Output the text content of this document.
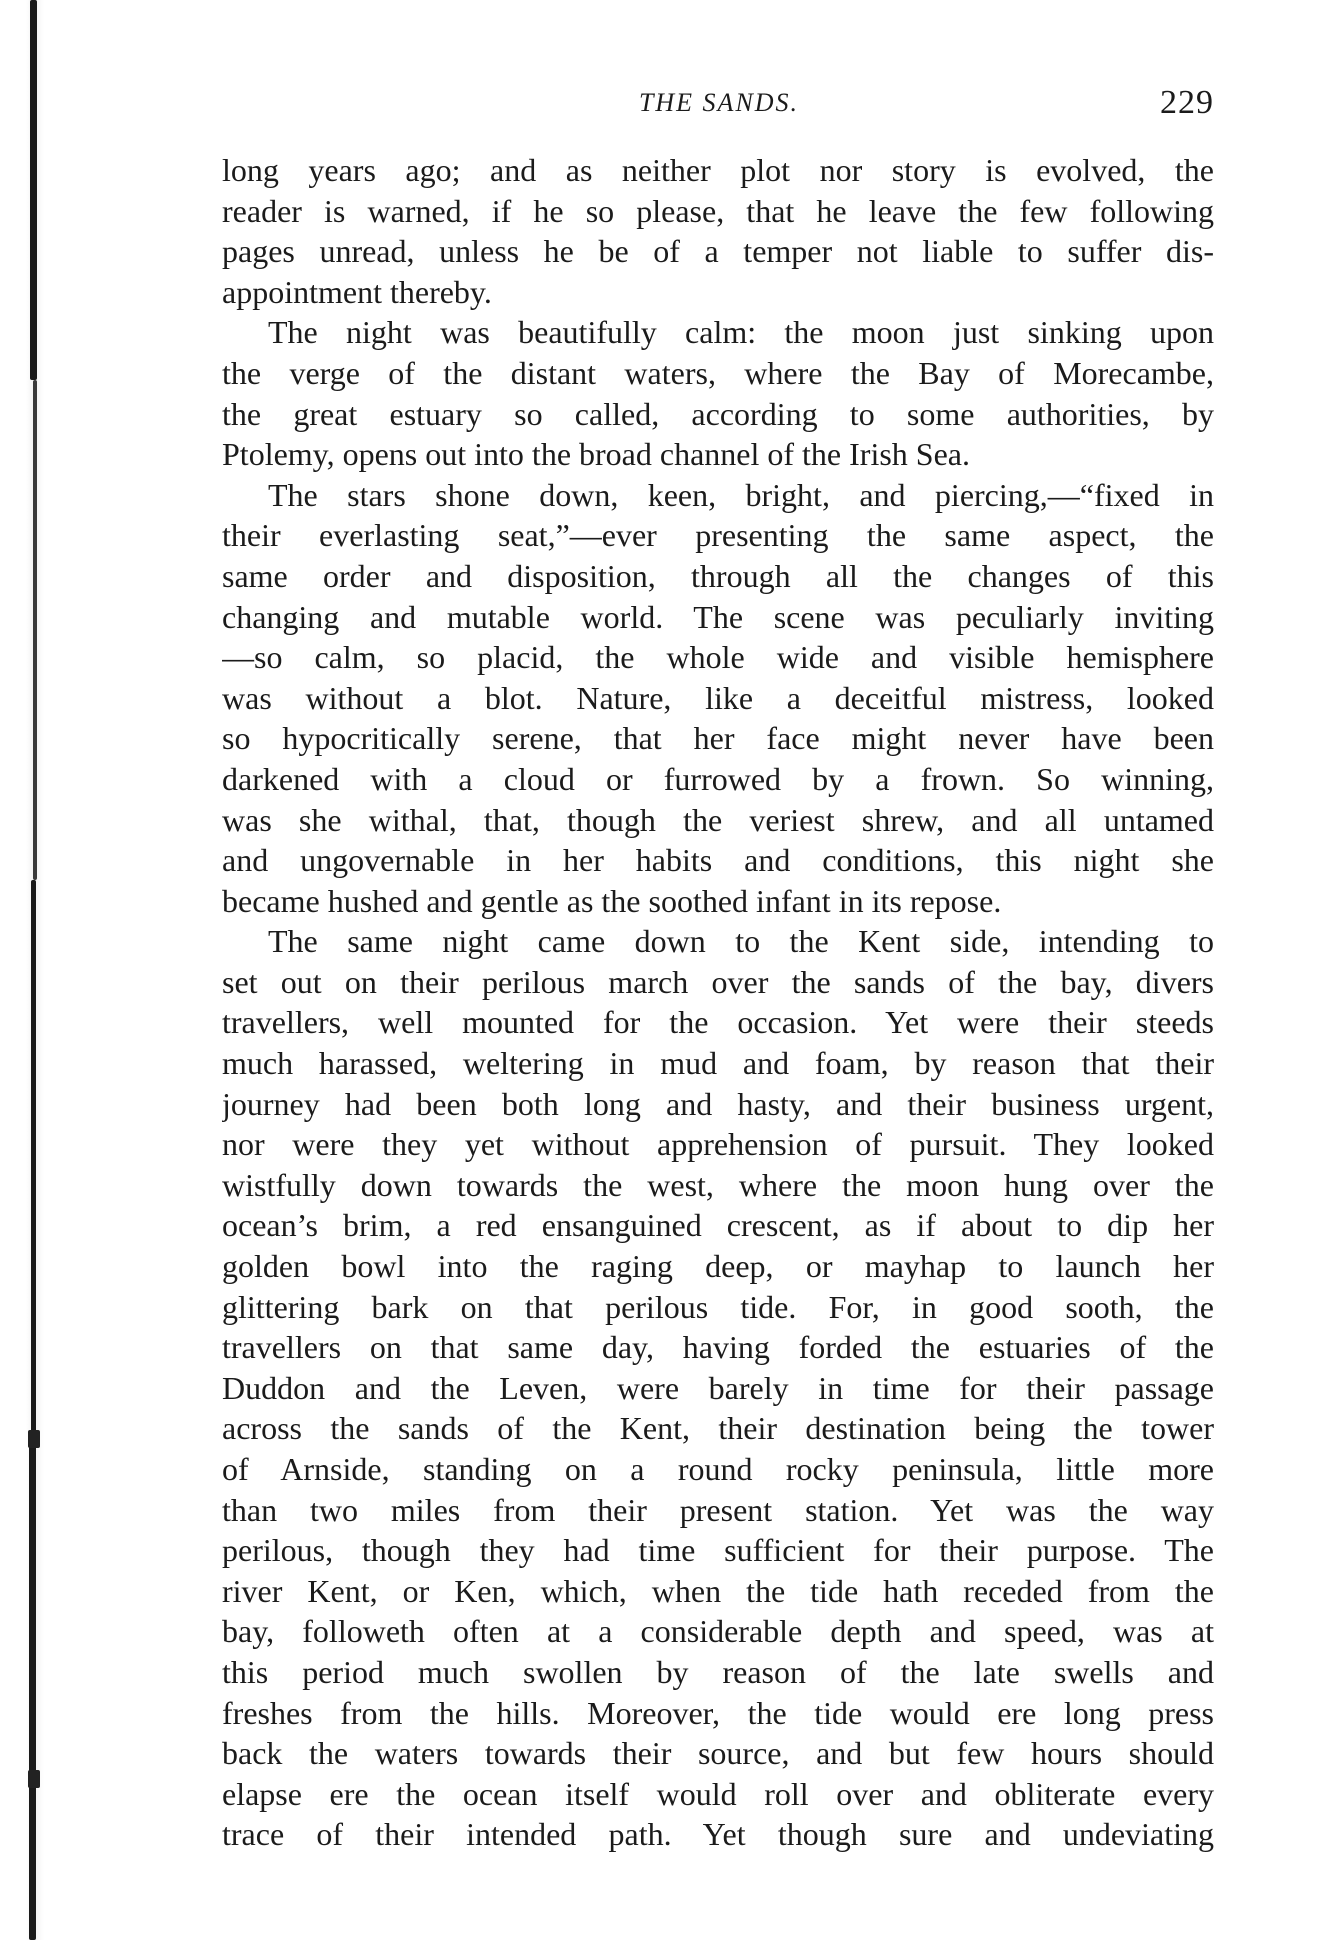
THE SANDS.	229
long years ago; and as neither plot nor story is evolved, the
reader is warned, if he so please, that he leave the few following
pages unread, unless he be of a temper not liable to suffer dis-
appointment thereby.
The night was beautifully calm: the moon just sinking upon
the verge of the distant waters, where the Bay of Morecambe,
the great estuary so called, according to some authorities, by
Ptolemy, opens out into the broad channel of the Irish Sea.
The stars shone down, keen, bright, and piercing,—“fixed in
their everlasting seat,”—ever presenting the same aspect, the
same order and disposition, through all the changes of this
changing and mutable world. The scene was peculiarly inviting
—so calm, so placid, the whole wide and visible hemisphere
was without a blot. Nature, like a deceitful mistress, looked
so hypocritically serene, that her face might never have been
darkened with a cloud or furrowed by a frown. So winning,
was she withal, that, though the veriest shrew, and all untamed
and ungovernable in her habits and conditions, this night she
became hushed and gentle as the soothed infant in its repose.
The same night came down to the Kent side, intending to
set out on their perilous march over the sands of the bay, divers
travellers, well mounted for the occasion. Yet were their steeds
much harassed, weltering in mud and foam, by reason that their
journey had been both long and hasty, and their business urgent,
nor were they yet without apprehension of pursuit. They looked
wistfully down towards the west, where the moon hung over the
ocean’s brim, a red ensanguined crescent, as if about to dip her
golden bowl into the raging deep, or mayhap to launch her
glittering bark on that perilous tide. For, in good sooth, the
travellers on that same day, having forded the estuaries of the
Duddon and the Leven, were barely in time for their passage
across the sands of the Kent, their destination being the tower
of Arnside, standing on a round rocky peninsula, little more
than two miles from their present station. Yet was the way
perilous, though they had time sufficient for their purpose. The
river Kent, or Ken, which, when the tide hath receded from the
bay, followeth often at a considerable depth and speed, was at
this period much swollen by reason of the late swells and
freshes from the hills. Moreover, the tide would ere long press
back the waters towards their source, and but few hours should
elapse ere the ocean itself would roll over and obliterate every
trace of their intended path. Yet though sure and undeviating
